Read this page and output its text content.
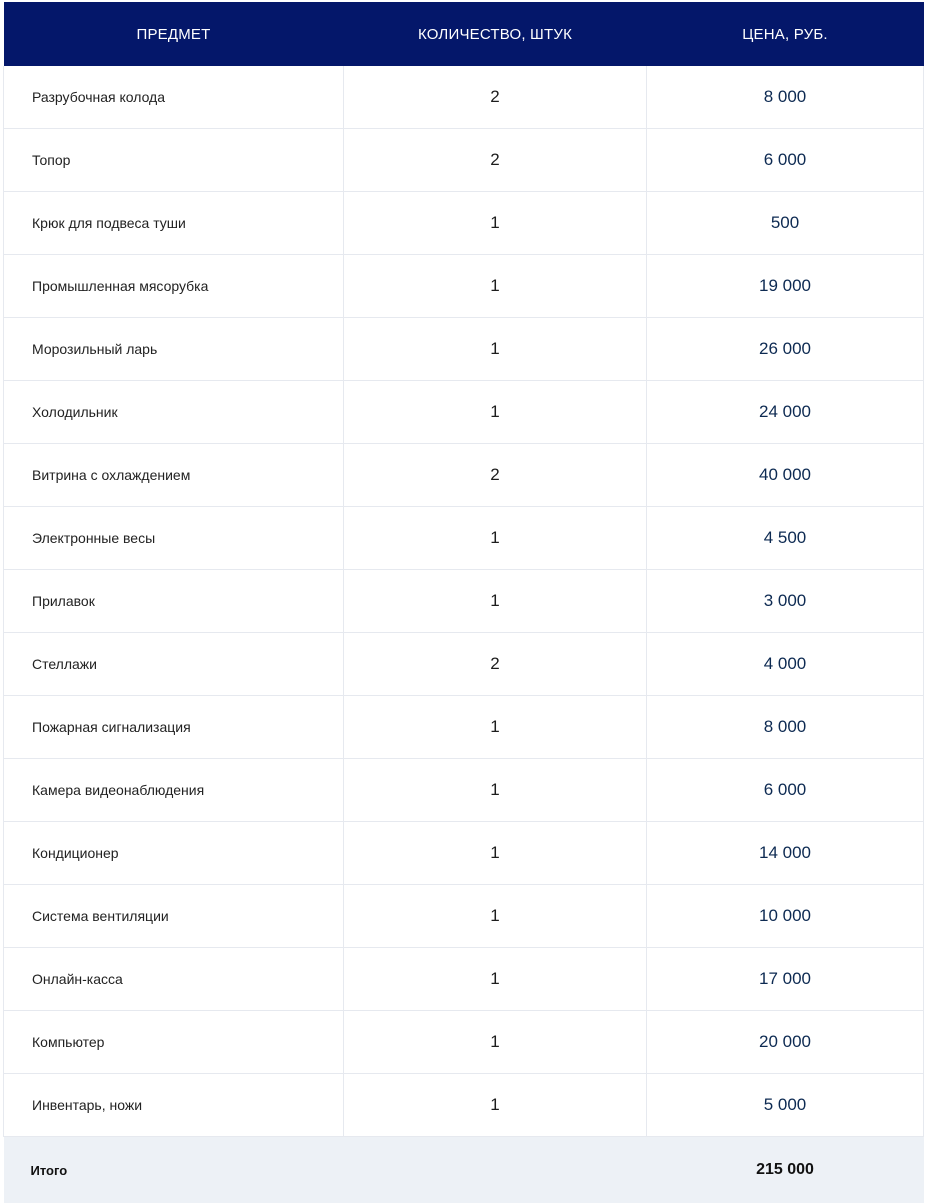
ПРЕДМЕТ	КОЛИЧЕСТВО, ШТУК	ЦЕНА, РУБ.
Разрубочная колода	2	8 000
Топор	2	6 000
Крюк для подвеса туши	1	500
Промышленная мясорубка	1	19 000
Морозильный ларь	1	26 000
Холодильник	1	24 000
Витрина с охлаждением	2	40 000
Электронные весы	1	4 500
Прилавок	1	3 000
Стеллажи	2	4 000
Пожарная сигнализация	1	8 000
Камера видеонаблюдения	1	6 000
Кондиционер	1	14 000
Система вентиляции	1	10 000
Онлайн-касса	1	17 000
Компьютер	1	20 000
Инвентарь, ножи	1	5 000
Итого		215 000
